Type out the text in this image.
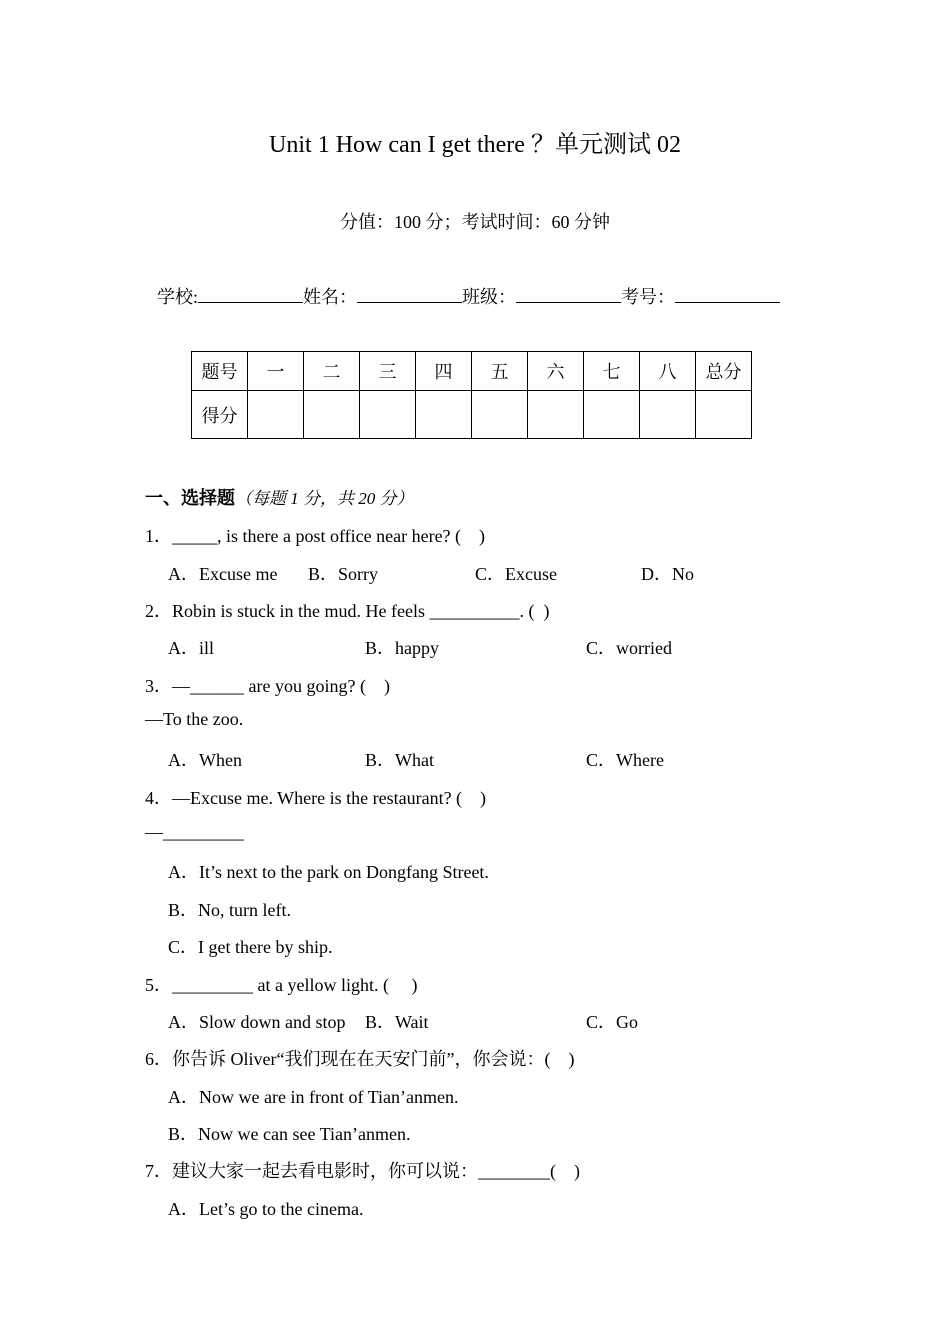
Unit 1 How can I get there ？单元测试 02
分值：100 分；考试时间：60 分钟
学校:	姓名：	班级：	考号：
题号	一	二	三	四	五	六	七	八	总分
得分									
一、选择题（每题 1 分，共 20 分）
1．_____, is there a post office near here? (    )
A．Excuse me B．Sorry	C．Excuse	D．No
2．Robin is stuck in the mud. He feels __________. (  )
A．ill	B．happy	C．worried
3．—______ are you going? (    )
—To the zoo.
A．When	B．What	C．Where
4．—Excuse me. Where is the restaurant? (    )
—_________
A．It’s next to the park on Dongfang Street.
B．No, turn left.
C．I get there by ship.
5．_________ at a yellow light. (     )
A．Slow down and stop B．Wait	C．Go
6．你告诉 Oliver“我们现在在天安门前”，你会说：(    )
A．Now we are in front of Tian’anmen.
B．Now we can see Tian’anmen.
7．建议大家一起去看电影时，你可以说：________(    )
A．Let’s go to the cinema.
